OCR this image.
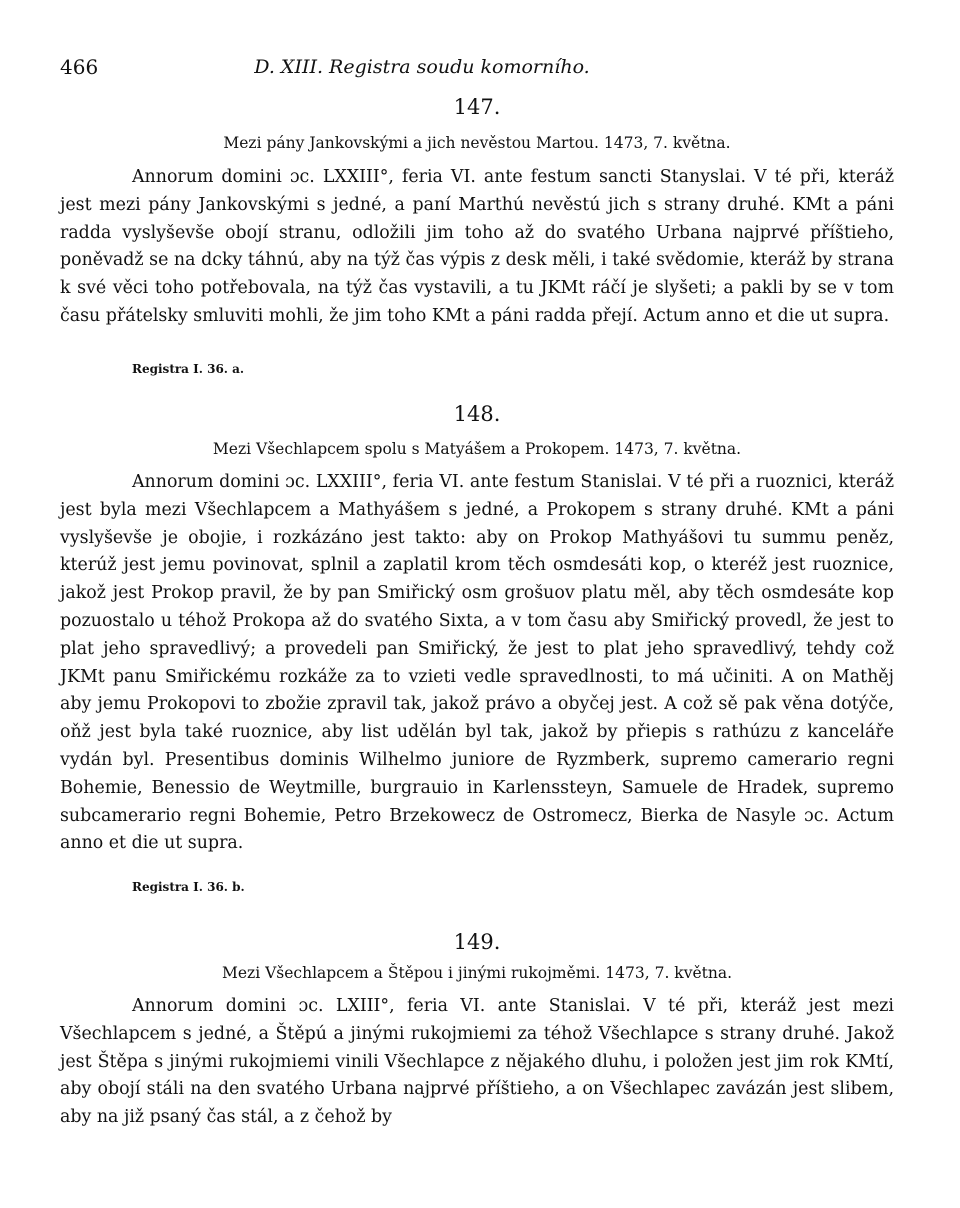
466	D. XIII. Registra soudu komorního.
147.
Mezi pány Jankovskými a jich nevěstou Martou. 1473, 7. května.
Annorum domini ɔc. LXXIII°, feria VI. ante festum sancti Stanyslai. V té při, kteráž jest mezi pány Jankovskými s jedné, a paní Marthú nevěstú jich s strany druhé. KMt a páni radda vyslyševše obojí stranu, odložili jim toho až do svatého Urbana najprvé příštieho, poněvadž se na dcky táhnú, aby na týž čas výpis z desk měli, i také svědomie, kteráž by strana k své věci toho potřebovala, na týž čas vystavili, a tu JKMt ráčí je slyšeti; a pakli by se v tom času přátelsky smluviti mohli, že jim toho KMt a páni radda přejí. Actum anno et die ut supra.
Registra I. 36. a.
148.
Mezi Všechlapcem spolu s Matyášem a Prokopem. 1473, 7. května.
Annorum domini ɔc. LXXIII°, feria VI. ante festum Stanislai. V té při a ruoznici, kteráž jest byla mezi Všechlapcem a Mathyášem s jedné, a Prokopem s strany druhé. KMt a páni vyslyševše je obojie, i rozkázáno jest takto: aby on Prokop Mathyášovi tu summu peněz, kterúž jest jemu povinovat, splnil a zaplatil krom těch osmdesáti kop, o kteréž jest ruoznice, jakož jest Prokop pravil, že by pan Smiřický osm grošuov platu měl, aby těch osmdesáte kop pozuostalo u téhož Prokopa až do svatého Sixta, a v tom času aby Smiřický provedl, že jest to plat jeho spravedlivý; a provedeli pan Smiřický, že jest to plat jeho spravedlivý, tehdy což JKMt panu Smiřickému rozkáže za to vzieti vedle spravedlnosti, to má učiniti. A on Mathěj aby jemu Prokopovi to zbožie zpravil tak, jakož právo a obyčej jest. A což sě pak věna dotýče, oňž jest byla také ruoznice, aby list udělán byl tak, jakož by přiepis s rathúzu z kanceláře vydán byl. Presentibus dominis Wilhelmo juniore de Ryzmberk, supremo camerario regni Bohemie, Benessio de Weytmille, burgrauio in Karlenssteyn, Samuele de Hradek, supremo subcamerario regni Bohemie, Petro Brzekowecz de Ostromecz, Bierka de Nasyle ɔc. Actum anno et die ut supra.
Registra I. 36. b.
149.
Mezi Všechlapcem a Štěpou i jinými rukojměmi. 1473, 7. května.
Annorum domini ɔc. LXIII°, feria VI. ante Stanislai. V té při, kteráž jest mezi Všechlapcem s jedné, a Štěpú a jinými rukojmiemi za téhož Všechlapce s strany druhé. Jakož jest Štěpa s jinými rukojmiemi vinili Všechlapce z nějakého dluhu, i položen jest jim rok KMtí, aby obojí stáli na den svatého Urbana najprvé příštieho, a on Všechlapec zavázán jest slibem, aby na již psaný čas stál, a z čehož by
